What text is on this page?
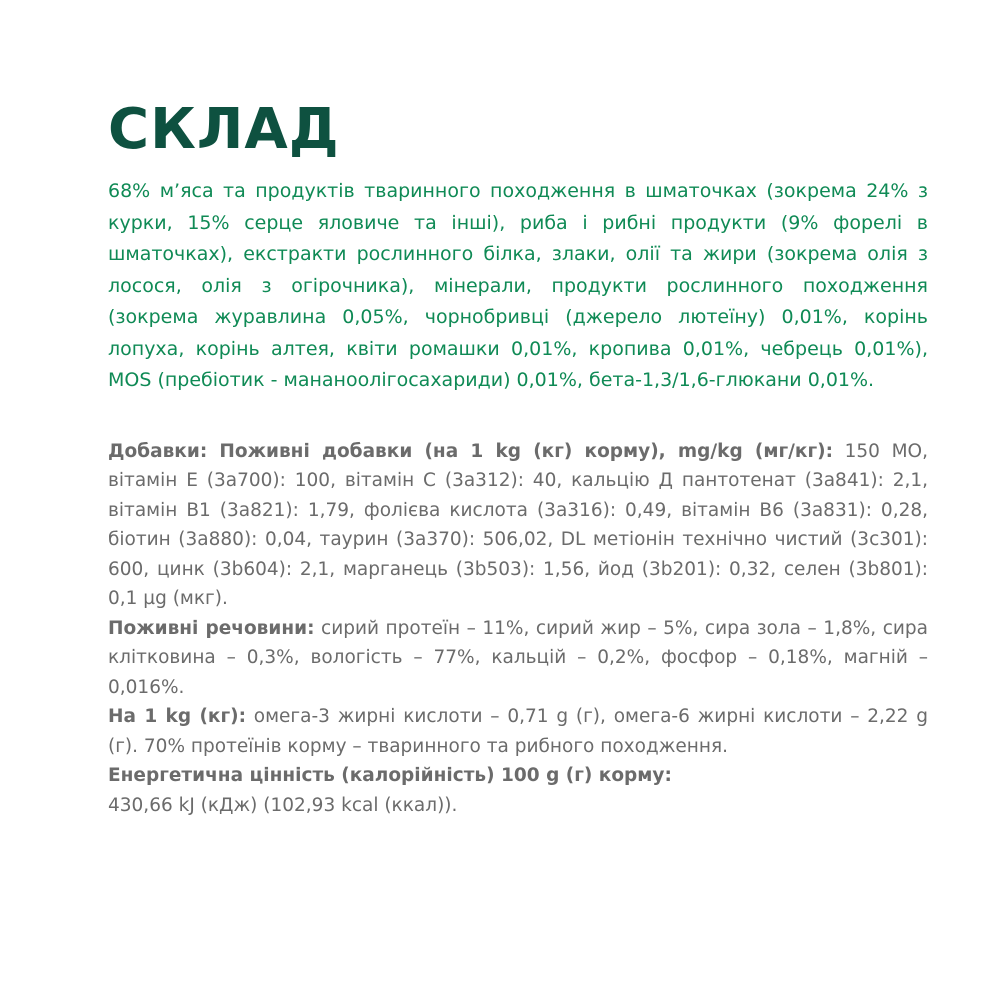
СКЛАД

68% м’яса та продуктів тваринного походження в шматочках (зокрема 24% з курки, 15% серце яловиче та інші), риба і рибні продукти (9% форелі в шматочках), екстракти рослинного білка, злаки, олії та жири (зокрема олія з лосося, олія з огірочника), мінерали, продукти рослинного походження (зокрема журавлина 0,05%, чорнобривці (джерело лютеїну) 0,01%, корінь лопуха, корінь алтея, квіти ромашки 0,01%, кропива 0,01%, чебрець 0,01%), MOS (пребіотик - мананоолігосахариди) 0,01%, бета-1,3/1,6-глюкани 0,01%.

Добавки: Поживні добавки (на 1 kg (кг) корму), mg/kg (мг/кг): 150 МО, вітамін Е (3а700): 100, вітамін С (3а312): 40, кальцію Д пантотенат (3а841): 2,1, вітамін В1 (3а821): 1,79, фолієва кислота (3а316): 0,49, вітамін В6 (3а831): 0,28, біотин (3а880): 0,04, таурин (3а370): 506,02, DL метіонін технічно чистий (3с301): 600, цинк (3b604): 2,1, марганець (3b503): 1,56, йод (3b201): 0,32, селен (3b801): 0,1 µg (мкг).

Поживні речовини: сирий протеїн – 11%, сирий жир – 5%, сира зола – 1,8%, сира клітковина – 0,3%, вологість – 77%, кальцій – 0,2%, фосфор – 0,18%, магній – 0,016%.

На 1 kg (кг): омега-3 жирні кислоти – 0,71 g (г), омега-6 жирні кислоти – 2,22 g (г). 70% протеїнів корму – тваринного та рибного походження.

Енергетична цінність (калорійність) 100 g (г) корму:

430,66 kJ (кДж) (102,93 kcal (ккал)).
